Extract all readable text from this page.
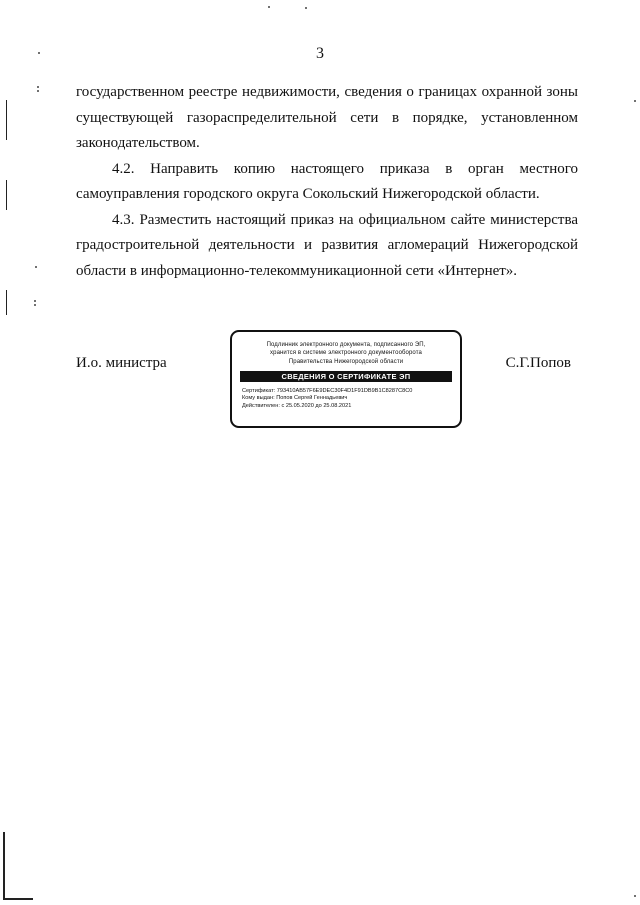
3

государственном реестре недвижимости, сведения о границах охранной зоны существующей газораспределительной сети в порядке, установленном законодательством.

4.2. Направить копию настоящего приказа в орган местного самоуправления городского округа Сокольский Нижегородской области.

4.3. Разместить настоящий приказ на официальном сайте министерства градостроительной деятельности и развития агломераций Нижегородской области в информационно-телекоммуникационной сети «Интернет».

И.о. министра	С.Г.Попов
Подлинник электронного документа, подписанного ЭП,
хранится в системе электронного документооборота
Правительства Нижегородской области
СВЕДЕНИЯ О СЕРТИФИКАТЕ ЭП
Сертификат: 793410AB57F6E9DEC30F4D1F91DB9B1C8287C8C0
Кому выдан: Попов Сергей Геннадьевич
Действителен: с 25.05.2020 до 25.08.2021
